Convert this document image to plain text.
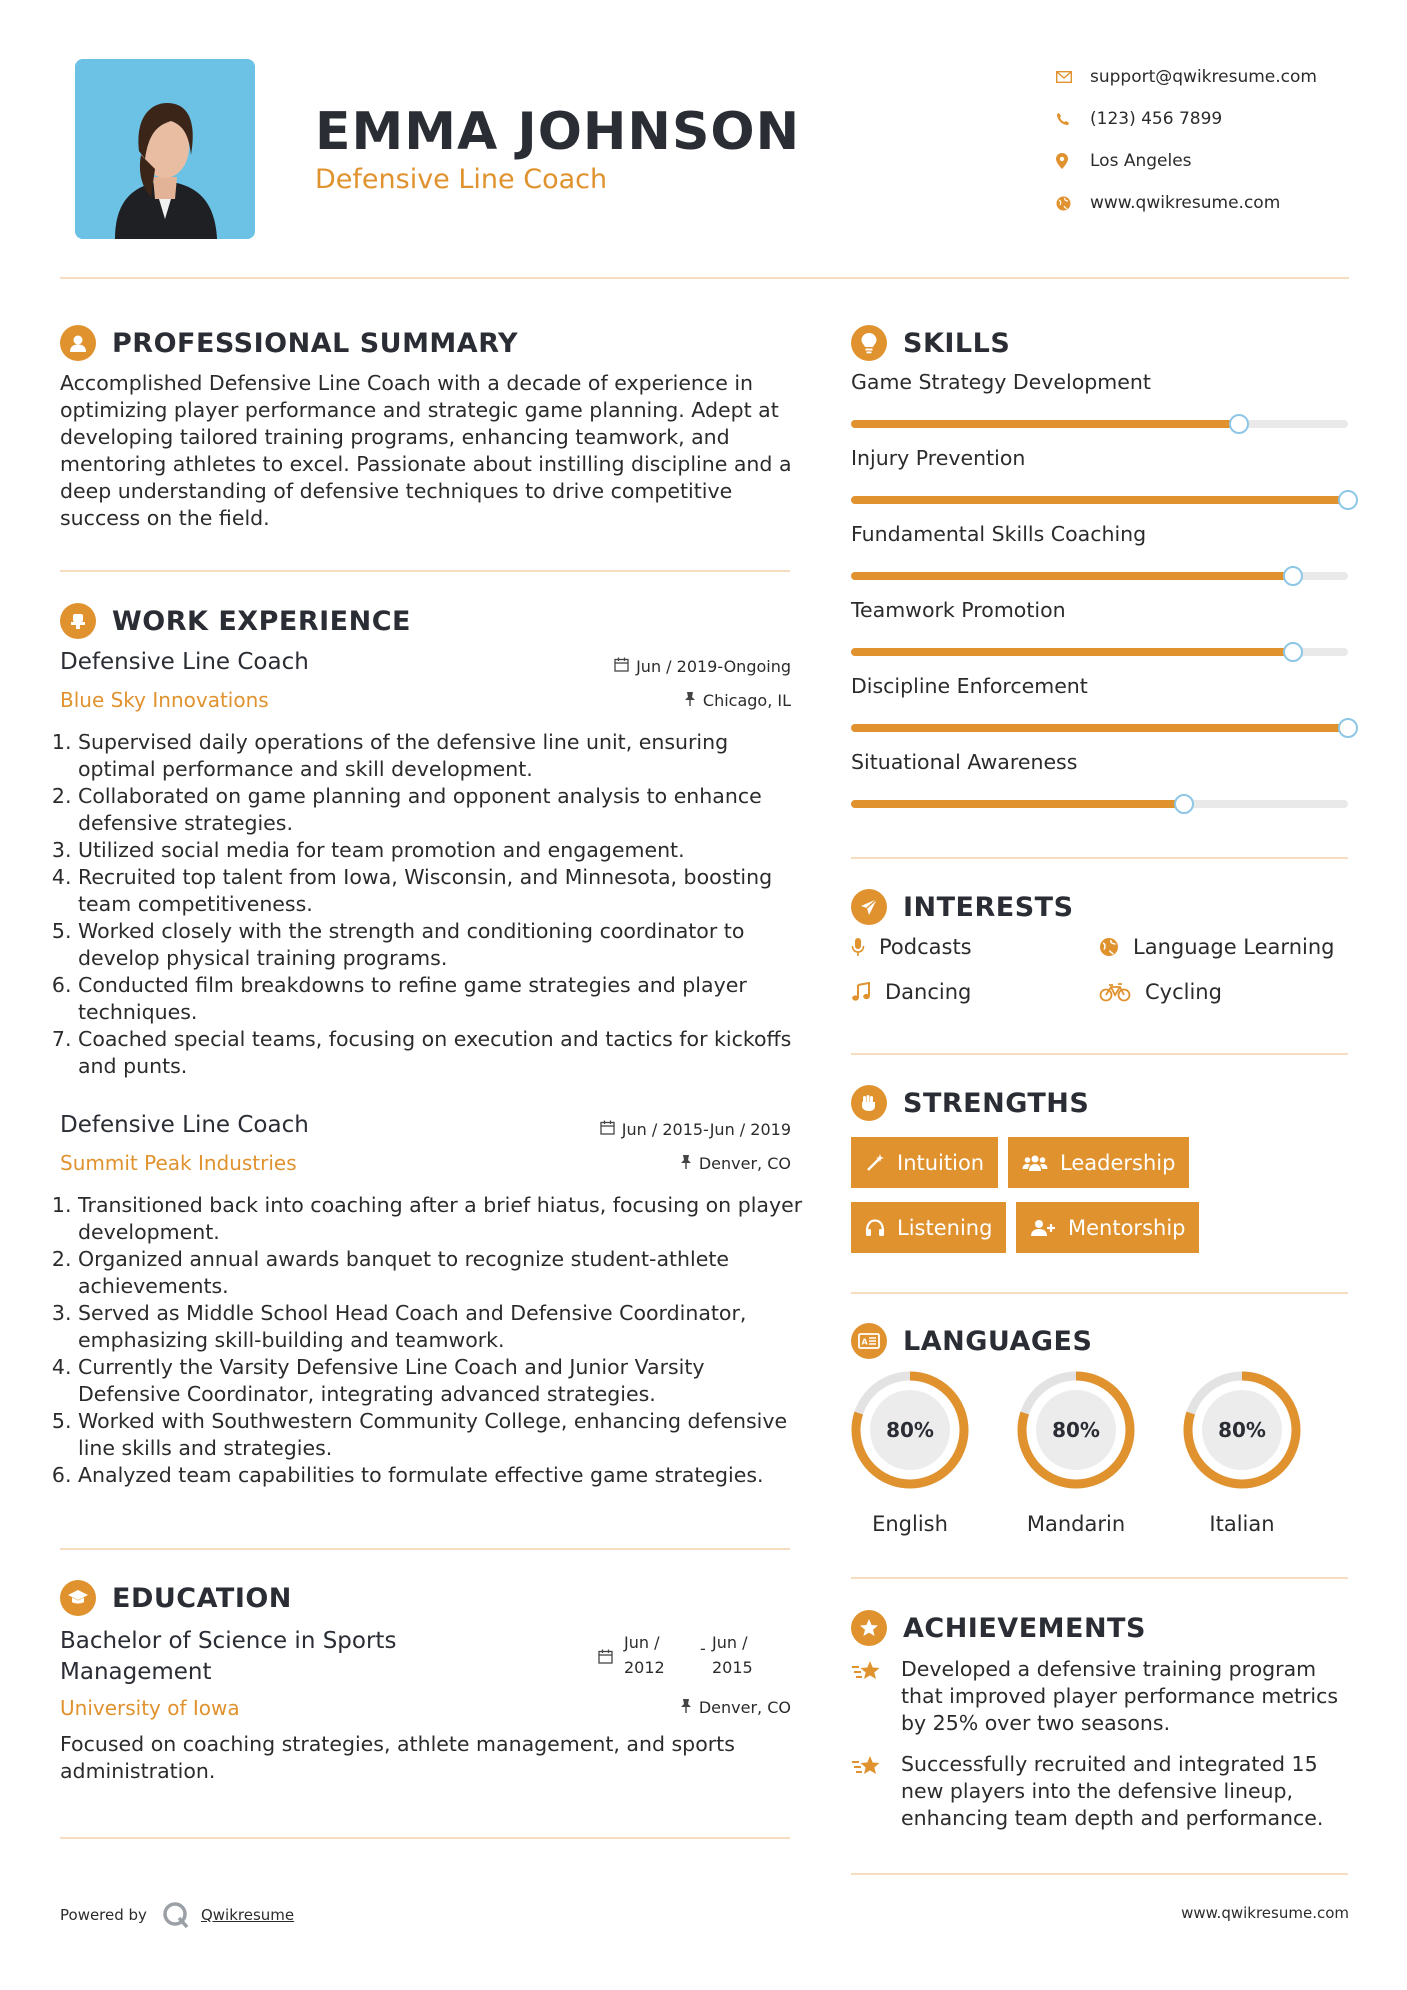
EMMA JOHNSON
Defensive Line Coach
support@qwikresume.com
(123) 456 7899
Los Angeles
www.qwikresume.com
PROFESSIONAL SUMMARY
Accomplished Defensive Line Coach with a decade of experience in optimizing player performance and strategic game planning. Adept at developing tailored training programs, enhancing teamwork, and mentoring athletes to excel. Passionate about instilling discipline and a deep understanding of defensive techniques to drive competitive success on the field.
WORK EXPERIENCE
Defensive Line Coach	Jun / 2019-Ongoing
Blue Sky Innovations	Chicago, IL
1. Supervised daily operations of the defensive line unit, ensuring optimal performance and skill development.
2. Collaborated on game planning and opponent analysis to enhance defensive strategies.
3. Utilized social media for team promotion and engagement.
4. Recruited top talent from Iowa, Wisconsin, and Minnesota, boosting team competitiveness.
5. Worked closely with the strength and conditioning coordinator to develop physical training programs.
6. Conducted film breakdowns to refine game strategies and player techniques.
7. Coached special teams, focusing on execution and tactics for kickoffs and punts.
Defensive Line Coach	Jun / 2015-Jun / 2019
Summit Peak Industries	Denver, CO
1. Transitioned back into coaching after a brief hiatus, focusing on player development.
2. Organized annual awards banquet to recognize student-athlete achievements.
3. Served as Middle School Head Coach and Defensive Coordinator, emphasizing skill-building and teamwork.
4. Currently the Varsity Defensive Line Coach and Junior Varsity Defensive Coordinator, integrating advanced strategies.
5. Worked with Southwestern Community College, enhancing defensive line skills and strategies.
6. Analyzed team capabilities to formulate effective game strategies.
EDUCATION
Bachelor of Science in Sports
Management
Jun /
2012
- Jun /
2015
University of Iowa	Denver, CO
Focused on coaching strategies, athlete management, and sports administration.
SKILLS
Game Strategy Development
Injury Prevention
Fundamental Skills Coaching
Teamwork Promotion
Discipline Enforcement
Situational Awareness
INTERESTS
Podcasts	Language Learning
Dancing	Cycling
STRENGTHS
Intuition	Leadership
Listening	Mentorship
A LANGUAGES
80%
English
80%
Mandarin
80%
Italian
ACHIEVEMENTS
Developed a defensive training program that improved player performance metrics by 25% over two seasons.
Successfully recruited and integrated 15 new players into the defensive lineup, enhancing team depth and performance.
Powered by	Qwikresume	www.qwikresume.com
